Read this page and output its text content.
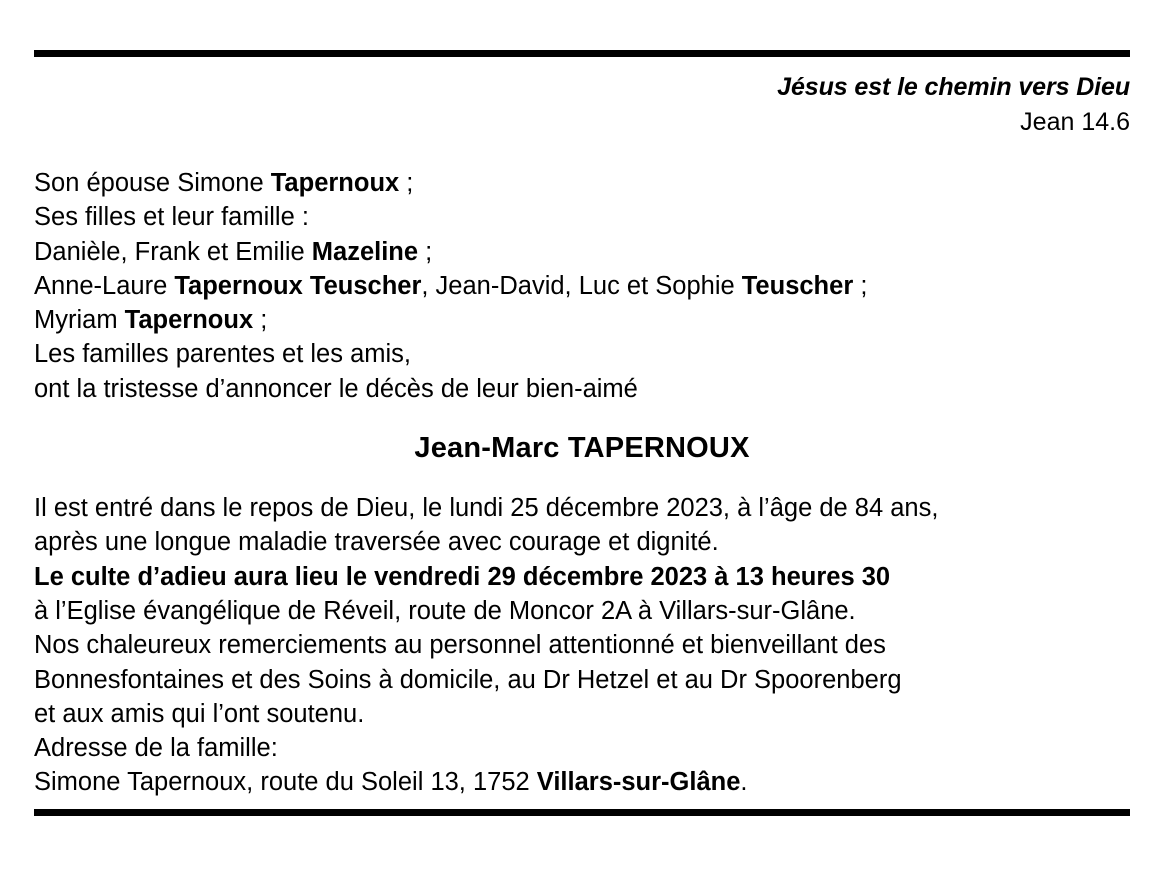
Jésus est le chemin vers Dieu
Jean 14.6
Son épouse Simone Tapernoux ;
Ses filles et leur famille :
Danièle, Frank et Emilie Mazeline ;
Anne-Laure Tapernoux Teuscher, Jean-David, Luc et Sophie Teuscher ;
Myriam Tapernoux ;
Les familles parentes et les amis,
ont la tristesse d’annoncer le décès de leur bien-aimé
Jean-Marc TAPERNOUX
Il est entré dans le repos de Dieu, le lundi 25 décembre 2023, à l’âge de 84 ans,
après une longue maladie traversée avec courage et dignité.
Le culte d’adieu aura lieu le vendredi 29 décembre 2023 à 13 heures 30
à l’Eglise évangélique de Réveil, route de Moncor 2A à Villars-sur-Glâne.
Nos chaleureux remerciements au personnel attentionné et bienveillant des
Bonnesfontaines et des Soins à domicile, au Dr Hetzel et au Dr Spoorenberg
et aux amis qui l’ont soutenu.
Adresse de la famille:
Simone Tapernoux, route du Soleil 13, 1752 Villars-sur-Glâne.
